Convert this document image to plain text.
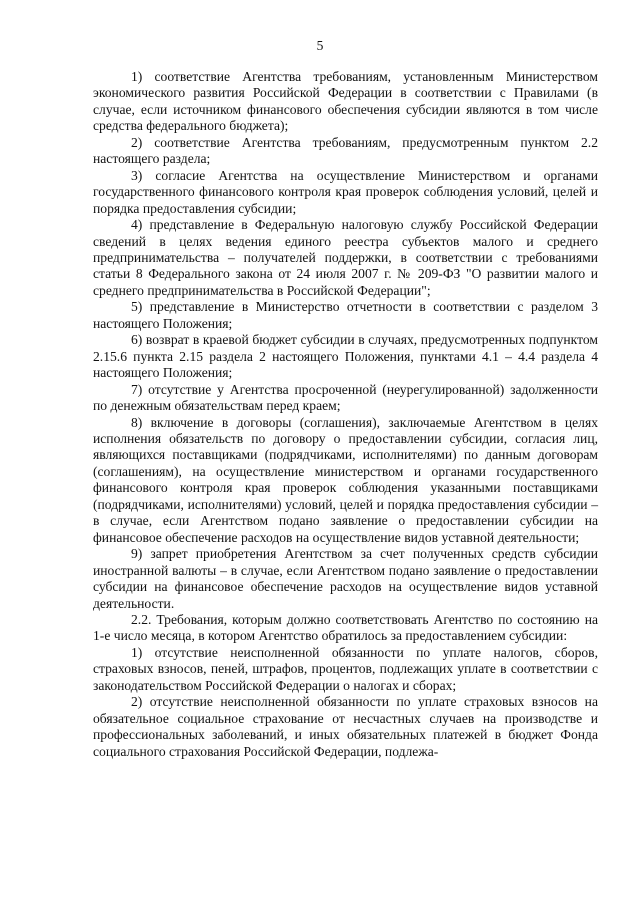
5

1) соответствие Агентства требованиям, установленным Министерством экономического развития Российской Федерации в соответствии с Правилами (в случае, если источником финансового обеспечения субсидии являются в том числе средства федерального бюджета);

2) соответствие Агентства требованиям, предусмотренным пунктом 2.2 настоящего раздела;

3) согласие Агентства на осуществление Министерством и органами государственного финансового контроля края проверок соблюдения условий, целей и порядка предоставления субсидии;

4) представление в Федеральную налоговую службу Российской Федерации сведений в целях ведения единого реестра субъектов малого и среднего предпринимательства – получателей поддержки, в соответствии с требованиями статьи 8 Федерального закона от 24 июля 2007 г. № 209-ФЗ "О развитии малого и среднего предпринимательства в Российской Федерации";

5) представление в Министерство отчетности в соответствии с разделом 3 настоящего Положения;

6) возврат в краевой бюджет субсидии в случаях, предусмотренных подпунктом 2.15.6 пункта 2.15 раздела 2 настоящего Положения, пунктами 4.1 – 4.4 раздела 4 настоящего Положения;

7) отсутствие у Агентства просроченной (неурегулированной) задолженности по денежным обязательствам перед краем;

8) включение в договоры (соглашения), заключаемые Агентством в целях исполнения обязательств по договору о предоставлении субсидии, согласия лиц, являющихся поставщиками (подрядчиками, исполнителями) по данным договорам (соглашениям), на осуществление министерством и органами государственного финансового контроля края проверок соблюдения указанными поставщиками (подрядчиками, исполнителями) условий, целей и порядка предоставления субсидии – в случае, если Агентством подано заявление о предоставлении субсидии на финансовое обеспечение расходов на осуществление видов уставной деятельности;

9) запрет приобретения Агентством за счет полученных средств субсидии иностранной валюты – в случае, если Агентством подано заявление о предоставлении субсидии на финансовое обеспечение расходов на осуществление видов уставной деятельности.

2.2. Требования, которым должно соответствовать Агентство по состоянию на 1-е число месяца, в котором Агентство обратилось за предоставлением субсидии:

1) отсутствие неисполненной обязанности по уплате налогов, сборов, страховых взносов, пеней, штрафов, процентов, подлежащих уплате в соответствии с законодательством Российской Федерации о налогах и сборах;

2) отсутствие неисполненной обязанности по уплате страховых взносов на обязательное социальное страхование от несчастных случаев на производстве и профессиональных заболеваний, и иных обязательных платежей в бюджет Фонда социального страхования Российской Федерации, подлежа-
